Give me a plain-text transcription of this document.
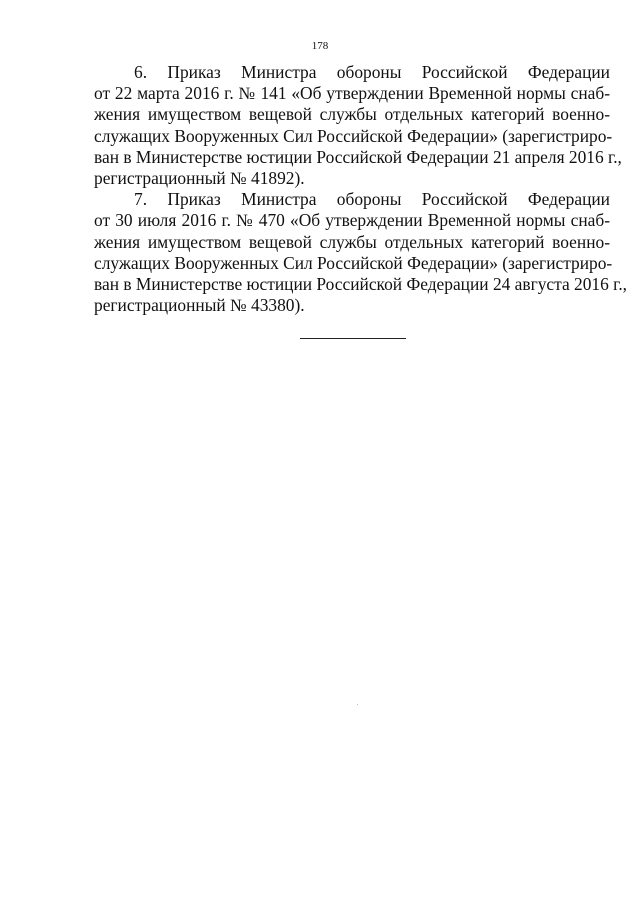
178
6. Приказ Министра обороны Российской Федерации
от 22 марта 2016 г. № 141 «Об утверждении Временной нормы снаб-
жения имуществом вещевой службы отдельных категорий военно-
служащих Вооруженных Сил Российской Федерации» (зарегистриро-
ван в Министерстве юстиции Российской Федерации 21 апреля 2016 г.,
регистрационный № 41892).
7. Приказ Министра обороны Российской Федерации
от 30 июля 2016 г. № 470 «Об утверждении Временной нормы снаб-
жения имуществом вещевой службы отдельных категорий военно-
служащих Вооруженных Сил Российской Федерации» (зарегистриро-
ван в Министерстве юстиции Российской Федерации 24 августа 2016 г.,
регистрационный № 43380).
